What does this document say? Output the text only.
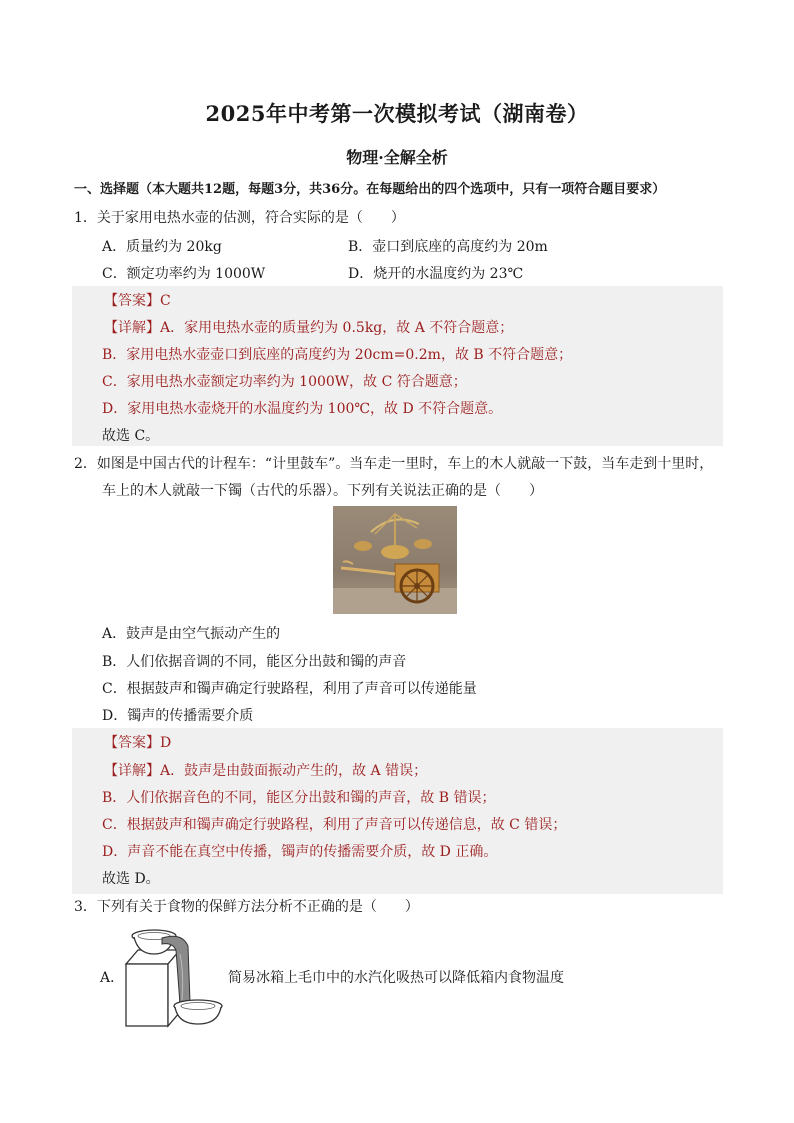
2025年中考第一次模拟考试（湖南卷）
物理·全解全析
一、选择题（本大题共12题，每题3分，共36分。在每题给出的四个选项中，只有一项符合题目要求）
1．关于家用电热水壶的估测，符合实际的是（　　）
A．质量约为 20kg	B．壶口到底座的高度约为 20m
C．额定功率约为 1000W	D．烧开的水温度约为 23℃
【答案】C
【详解】A．家用电热水壶的质量约为 0.5kg，故 A 不符合题意；
B．家用电热水壶壶口到底座的高度约为 20cm=0.2m，故 B 不符合题意；
C．家用电热水壶额定功率约为 1000W，故 C 符合题意；
D．家用电热水壶烧开的水温度约为 100℃，故 D 不符合题意。
故选 C。
2．如图是中国古代的计程车：“计里鼓车”。当车走一里时，车上的木人就敲一下鼓，当车走到十里时，
车上的木人就敲一下镯（古代的乐器）。下列有关说法正确的是（　　）
A．鼓声是由空气振动产生的
B．人们依据音调的不同，能区分出鼓和镯的声音
C．根据鼓声和镯声确定行驶路程，利用了声音可以传递能量
D．镯声的传播需要介质
【答案】D
【详解】A．鼓声是由鼓面振动产生的，故 A 错误；
B．人们依据音色的不同，能区分出鼓和镯的声音，故 B 错误；
C．根据鼓声和镯声确定行驶路程，利用了声音可以传递信息，故 C 错误；
D．声音不能在真空中传播，镯声的传播需要介质，故 D 正确。
故选 D。
3．下列有关于食物的保鲜方法分析不正确的是（　　）
A．	简易冰箱上毛巾中的水汽化吸热可以降低箱内食物温度
